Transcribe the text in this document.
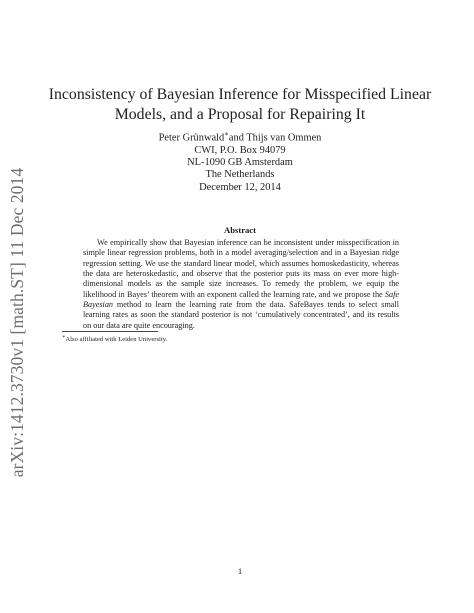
arXiv:1412.3730v1 [math.ST] 11 Dec 2014
Inconsistency of Bayesian Inference for Misspecified Linear
Models, and a Proposal for Repairing It
Peter Grünwald∗and Thijs van Ommen
CWI, P.O. Box 94079
NL-1090 GB Amsterdam
The Netherlands
December 12, 2014
Abstract
We empirically show that Bayesian inference can be inconsistent under misspecification in simple linear regression problems, both in a model averaging/selection and in a Bayesian ridge regression setting. We use the standard linear model, which assumes homoskedasticity, whereas the data are heteroskedastic, and observe that the posterior puts its mass on ever more high-dimensional models as the sample size increases. To remedy the problem, we equip the likelihood in Bayes’ theorem with an exponent called the learning rate, and we propose the Safe Bayesian method to learn the learning rate from the data. SafeBayes tends to select small learning rates as soon the standard posterior is not ‘cumulatively concentrated’, and its results on our data are quite encouraging.
∗Also affiliated with Leiden University.
1
